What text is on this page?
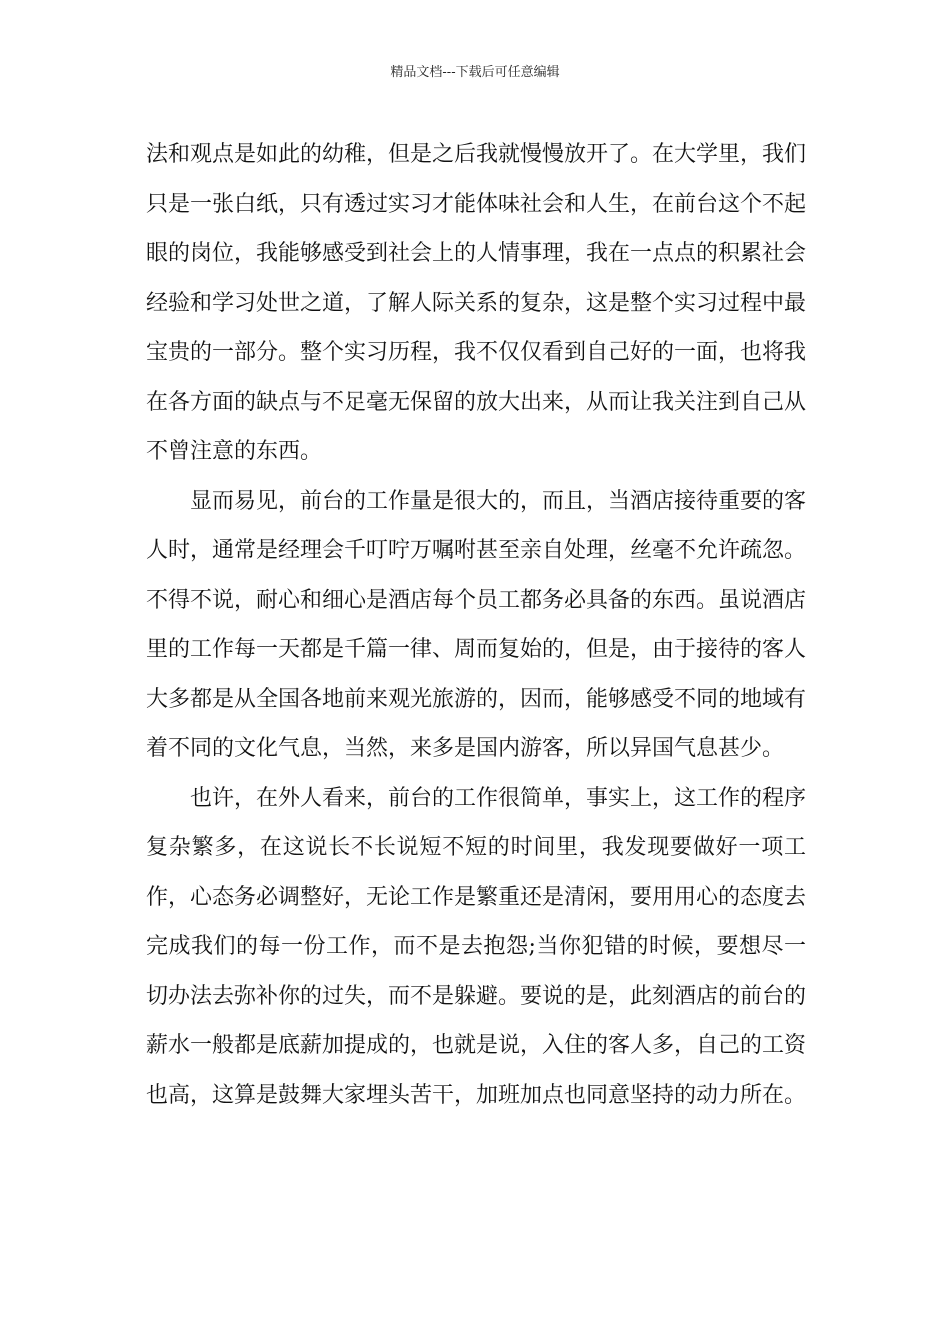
精品文档---下载后可任意编辑

法和观点是如此的幼稚，但是之后我就慢慢放开了。在大学里，我们只是一张白纸，只有透过实习才能体味社会和人生，在前台这个不起眼的岗位，我能够感受到社会上的人情事理，我在一点点的积累社会经验和学习处世之道，了解人际关系的复杂，这是整个实习过程中最宝贵的一部分。整个实习历程，我不仅仅看到自己好的一面，也将我在各方面的缺点与不足毫无保留的放大出来，从而让我关注到自己从不曾注意的东西。

显而易见，前台的工作量是很大的，而且，当酒店接待重要的客人时，通常是经理会千叮咛万嘱咐甚至亲自处理，丝毫不允许疏忽。不得不说，耐心和细心是酒店每个员工都务必具备的东西。虽说酒店里的工作每一天都是千篇一律、周而复始的，但是，由于接待的客人大多都是从全国各地前来观光旅游的，因而，能够感受不同的地域有着不同的文化气息，当然，来多是国内游客，所以异国气息甚少。

也许，在外人看来，前台的工作很简单，事实上，这工作的程序复杂繁多，在这说长不长说短不短的时间里，我发现要做好一项工作，心态务必调整好，无论工作是繁重还是清闲，要用用心的态度去完成我们的每一份工作，而不是去抱怨;当你犯错的时候，要想尽一切办法去弥补你的过失，而不是躲避。要说的是，此刻酒店的前台的薪水一般都是底薪加提成的，也就是说，入住的客人多，自己的工资也高，这算是鼓舞大家埋头苦干，加班加点也同意坚持的动力所在。
